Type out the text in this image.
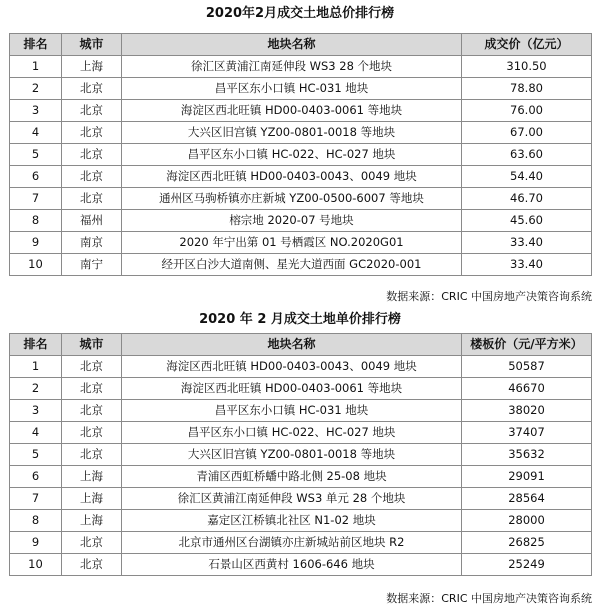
2020年2月成交土地总价排行榜
排名	城市	地块名称	成交价（亿元）
1	上海	徐汇区黄浦江南延伸段 WS3 28 个地块	310.50
2	北京	昌平区东小口镇 HC-031 地块	78.80
3	北京	海淀区西北旺镇 HD00-0403-0061 等地块	76.00
4	北京	大兴区旧宫镇 YZ00-0801-0018 等地块	67.00
5	北京	昌平区东小口镇 HC-022、HC-027 地块	63.60
6	北京	海淀区西北旺镇 HD00-0403-0043、0049 地块	54.40
7	北京	通州区马驹桥镇亦庄新城 YZ00-0500-6007 等地块	46.70
8	福州	榕宗地 2020-07 号地块	45.60
9	南京	2020 年宁出第 01 号栖霞区 NO.2020G01	33.40
10	南宁	经开区白沙大道南侧、星光大道西面 GC2020-001	33.40
数据来源：CRIC 中国房地产决策咨询系统
2020 年 2 月成交土地单价排行榜
排名	城市	地块名称	楼板价（元/平方米）
1	北京	海淀区西北旺镇 HD00-0403-0043、0049 地块	50587
2	北京	海淀区西北旺镇 HD00-0403-0061 等地块	46670
3	北京	昌平区东小口镇 HC-031 地块	38020
4	北京	昌平区东小口镇 HC-022、HC-027 地块	37407
5	北京	大兴区旧宫镇 YZ00-0801-0018 等地块	35632
6	上海	青浦区西虹桥蟠中路北侧 25-08 地块	29091
7	上海	徐汇区黄浦江南延伸段 WS3 单元 28 个地块	28564
8	上海	嘉定区江桥镇北社区 N1-02 地块	28000
9	北京	北京市通州区台湖镇亦庄新城站前区地块 R2	26825
10	北京	石景山区西黄村 1606-646 地块	25249
数据来源：CRIC 中国房地产决策咨询系统
